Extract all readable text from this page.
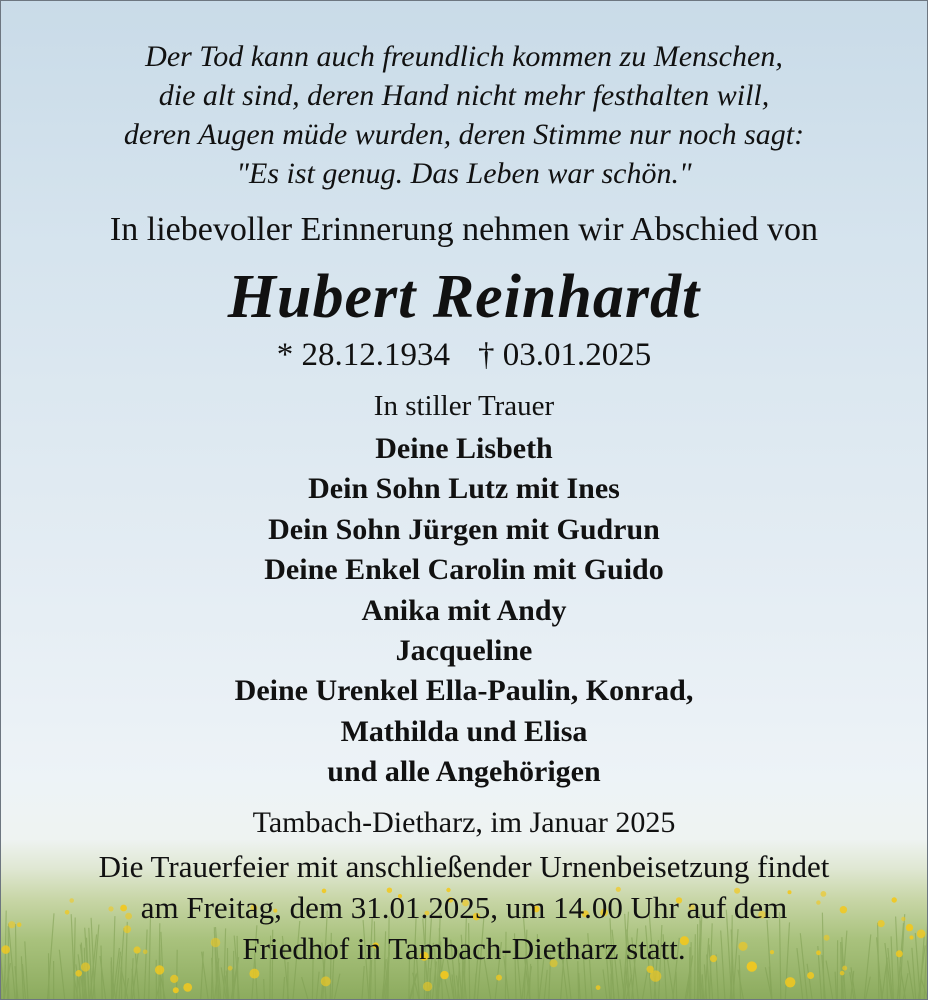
Der Tod kann auch freundlich kommen zu Menschen,
die alt sind, deren Hand nicht mehr festhalten will,
deren Augen müde wurden, deren Stimme nur noch sagt:
"Es ist genug. Das Leben war schön."
In liebevoller Erinnerung nehmen wir Abschied von
Hubert Reinhardt
* 28.12.1934 † 03.01.2025
In stiller Trauer
Deine Lisbeth
Dein Sohn Lutz mit Ines
Dein Sohn Jürgen mit Gudrun
Deine Enkel Carolin mit Guido
Anika mit Andy
Jacqueline
Deine Urenkel Ella-Paulin, Konrad,
Mathilda und Elisa
und alle Angehörigen
Tambach-Dietharz, im Januar 2025
Die Trauerfeier mit anschließender Urnenbeisetzung findet
am Freitag, dem 31.01.2025, um 14.00 Uhr auf dem
Friedhof in Tambach-Dietharz statt.
